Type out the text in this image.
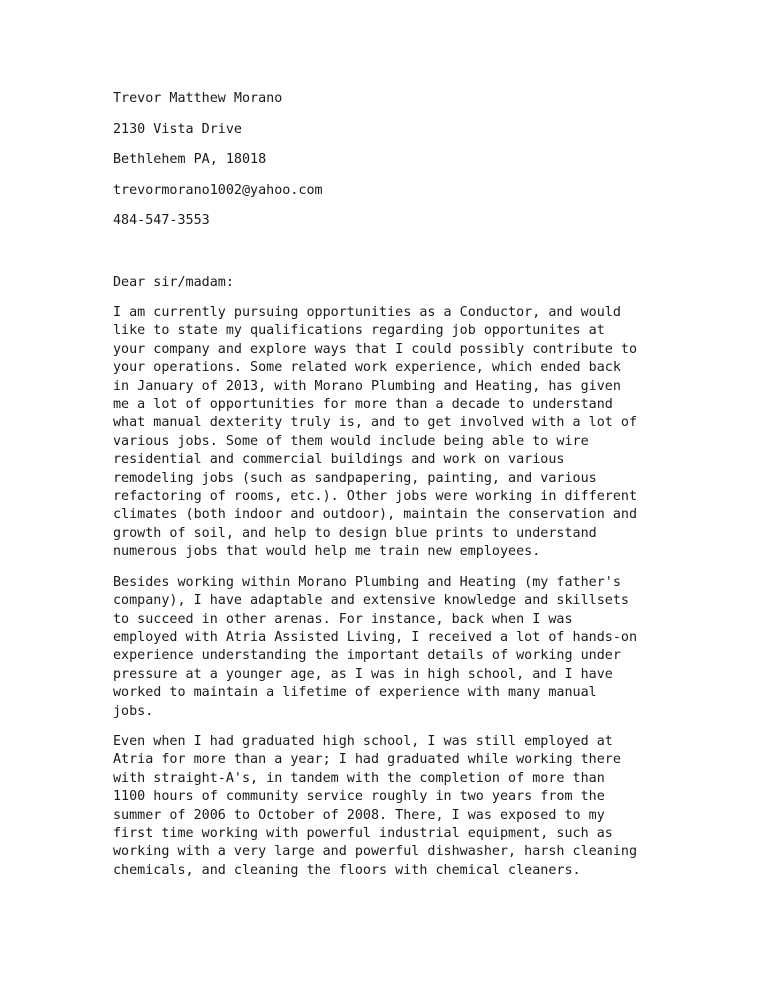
Trevor Matthew Morano
2130 Vista Drive
Bethlehem PA, 18018
trevormorano1002@yahoo.com
484-547-3553
Dear sir/madam:
I am currently pursuing opportunities as a Conductor, and would
like to state my qualifications regarding job opportunites at
your company and explore ways that I could possibly contribute to
your operations. Some related work experience, which ended back
in January of 2013, with Morano Plumbing and Heating, has given
me a lot of opportunities for more than a decade to understand
what manual dexterity truly is, and to get involved with a lot of
various jobs. Some of them would include being able to wire
residential and commercial buildings and work on various
remodeling jobs (such as sandpapering, painting, and various
refactoring of rooms, etc.). Other jobs were working in different
climates (both indoor and outdoor), maintain the conservation and
growth of soil, and help to design blue prints to understand
numerous jobs that would help me train new employees.
Besides working within Morano Plumbing and Heating (my father's
company), I have adaptable and extensive knowledge and skillsets
to succeed in other arenas. For instance, back when I was
employed with Atria Assisted Living, I received a lot of hands-on
experience understanding the important details of working under
pressure at a younger age, as I was in high school, and I have
worked to maintain a lifetime of experience with many manual
jobs.
Even when I had graduated high school, I was still employed at
Atria for more than a year; I had graduated while working there
with straight-A's, in tandem with the completion of more than
1100 hours of community service roughly in two years from the
summer of 2006 to October of 2008. There, I was exposed to my
first time working with powerful industrial equipment, such as
working with a very large and powerful dishwasher, harsh cleaning
chemicals, and cleaning the floors with chemical cleaners.
